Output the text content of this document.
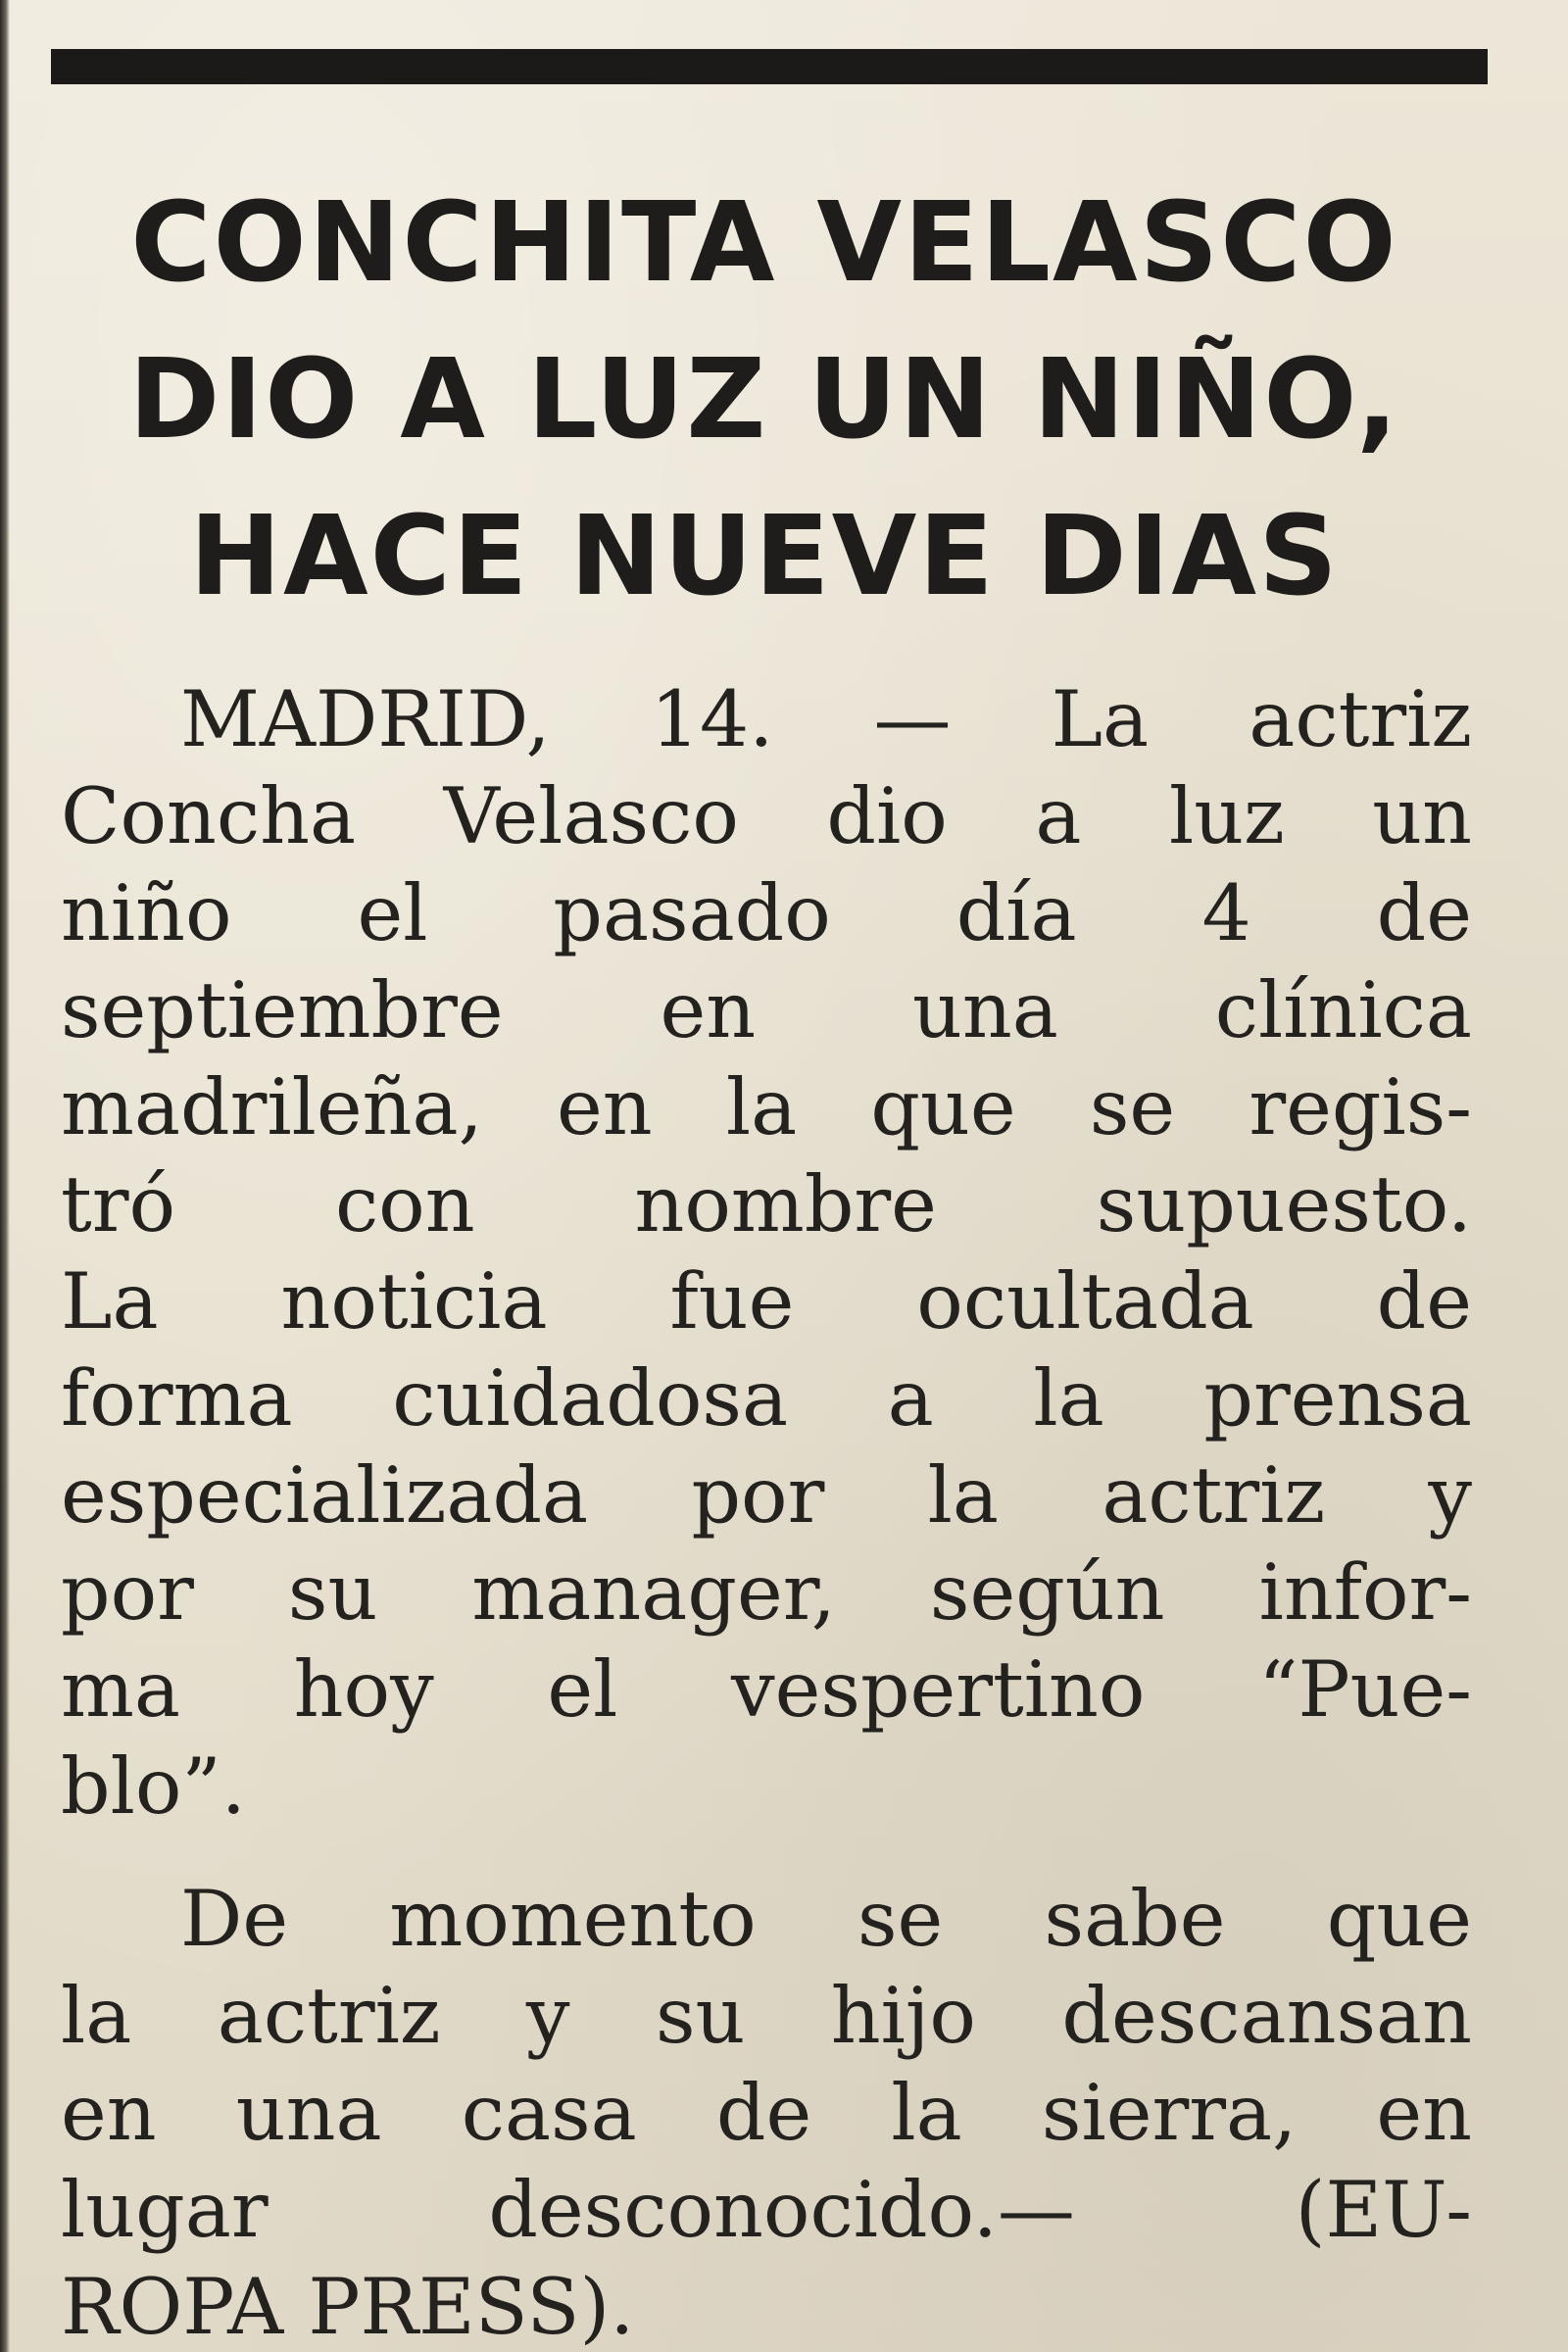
CONCHITA VELASCO
DIO A LUZ UN NIÑO,
HACE NUEVE DIAS
MADRID, 14. — La actriz
Concha Velasco dio a luz un
niño el pasado día 4 de
septiembre en una clínica
madrileña, en la que se regis-
tró con nombre supuesto.
La noticia fue ocultada de
forma cuidadosa a la prensa
especializada por la actriz y
por su manager, según infor-
ma hoy el vespertino “Pue-
blo”.
De momento se sabe que
la actriz y su hijo descansan
en una casa de la sierra, en
lugar desconocido.— (EU-
ROPA PRESS).
